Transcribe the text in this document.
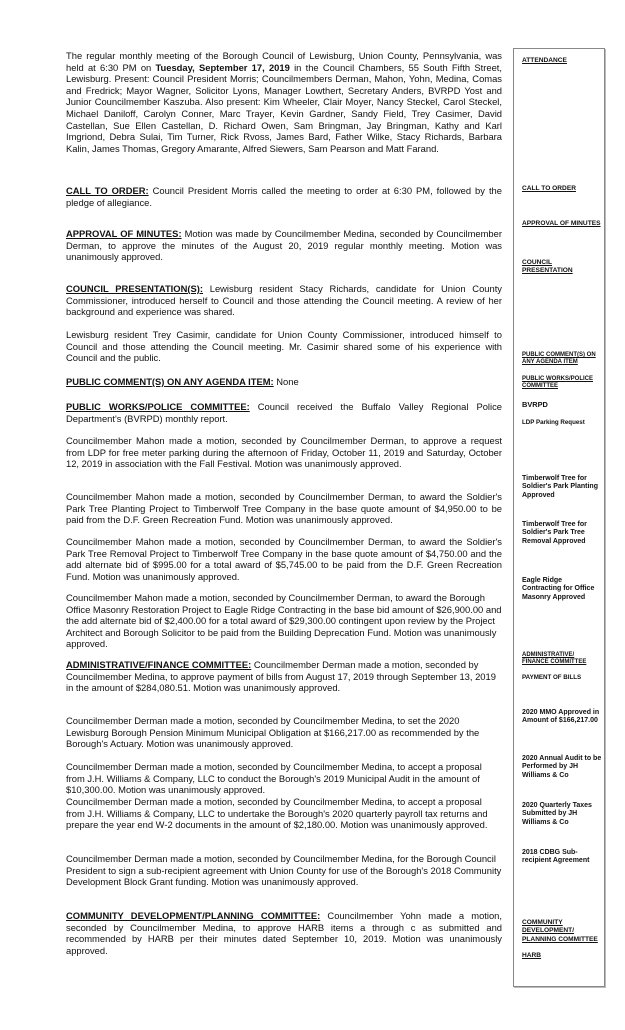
The regular monthly meeting of the Borough Council of Lewisburg, Union County, Pennsylvania, was held at 6:30 PM on Tuesday, September 17, 2019 in the Council Chambers, 55 South Fifth Street, Lewisburg. Present: Council President Morris; Councilmembers Derman, Mahon, Yohn, Medina, Comas and Fredrick; Mayor Wagner, Solicitor Lyons, Manager Lowthert, Secretary Anders, BVRPD Yost and Junior Councilmember Kaszuba. Also present: Kim Wheeler, Clair Moyer, Nancy Steckel, Carol Steckel, Michael Daniloff, Carolyn Conner, Marc Trayer, Kevin Gardner, Sandy Field, Trey Casimer, David Castellan, Sue Ellen Castellan, D. Richard Owen, Sam Bringman, Jay Bringman, Kathy and Karl Imgriond, Debra Sulai, Tim Turner, Rick Rvoss, James Bard, Father Wilke, Stacy Richards, Barbara Kalin, James Thomas, Gregory Amarante, Alfred Siewers, Sam Pearson and Matt Farand.

CALL TO ORDER: Council President Morris called the meeting to order at 6:30 PM, followed by the pledge of allegiance.

APPROVAL OF MINUTES: Motion was made by Councilmember Medina, seconded by Councilmember Derman, to approve the minutes of the August 20, 2019 regular monthly meeting. Motion was unanimously approved.

COUNCIL PRESENTATION(S): Lewisburg resident Stacy Richards, candidate for Union County Commissioner, introduced herself to Council and those attending the Council meeting. A review of her background and experience was shared.

Lewisburg resident Trey Casimir, candidate for Union County Commissioner, introduced himself to Council and those attending the Council meeting. Mr. Casimir shared some of his experience with Council and the public.

PUBLIC COMMENT(S) ON ANY AGENDA ITEM: None

PUBLIC WORKS/POLICE COMMITTEE: Council received the Buffalo Valley Regional Police Department's (BVRPD) monthly report.

Councilmember Mahon made a motion, seconded by Councilmember Derman, to approve a request from LDP for free meter parking during the afternoon of Friday, October 11, 2019 and Saturday, October 12, 2019 in association with the Fall Festival. Motion was unanimously approved.

Councilmember Mahon made a motion, seconded by Councilmember Derman, to award the Soldier's Park Tree Planting Project to Timberwolf Tree Company in the base quote amount of $4,950.00 to be paid from the D.F. Green Recreation Fund. Motion was unanimously approved.

Councilmember Mahon made a motion, seconded by Councilmember Derman, to award the Soldier's Park Tree Removal Project to Timberwolf Tree Company in the base quote amount of $4,750.00 and the add alternate bid of $995.00 for a total award of $5,745.00 to be paid from the D.F. Green Recreation Fund. Motion was unanimously approved.

Councilmember Mahon made a motion, seconded by Councilmember Derman, to award the Borough Office Masonry Restoration Project to Eagle Ridge Contracting in the base bid amount of $26,900.00 and the add alternate bid of $2,400.00 for a total award of $29,300.00 contingent upon review by the Project Architect and Borough Solicitor to be paid from the Building Deprecation Fund. Motion was unanimously approved.

ADMINISTRATIVE/FINANCE COMMITTEE: Councilmember Derman made a motion, seconded by Councilmember Medina, to approve payment of bills from August 17, 2019 through September 13, 2019 in the amount of $284,080.51. Motion was unanimously approved.

Councilmember Derman made a motion, seconded by Councilmember Medina, to set the 2020 Lewisburg Borough Pension Minimum Municipal Obligation at $166,217.00 as recommended by the Borough's Actuary. Motion was unanimously approved.

Councilmember Derman made a motion, seconded by Councilmember Medina, to accept a proposal from J.H. Williams & Company, LLC to conduct the Borough's 2019 Municipal Audit in the amount of $10,300.00. Motion was unanimously approved.

Councilmember Derman made a motion, seconded by Councilmember Medina, to accept a proposal from J.H. Williams & Company, LLC to undertake the Borough's 2020 quarterly payroll tax returns and prepare the year end W-2 documents in the amount of $2,180.00. Motion was unanimously approved.

Councilmember Derman made a motion, seconded by Councilmember Medina, for the Borough Council President to sign a sub-recipient agreement with Union County for use of the Borough's 2018 Community Development Block Grant funding. Motion was unanimously approved.

COMMUNITY DEVELOPMENT/PLANNING COMMITTEE: Councilmember Yohn made a motion, seconded by Councilmember Medina, to approve HARB items a through c as submitted and recommended by HARB per their minutes dated September 10, 2019. Motion was unanimously approved.

ATTENDANCE

CALL TO ORDER

APPROVAL OF MINUTES

COUNCIL PRESENTATION

PUBLIC COMMENT(S) ON ANY AGENDA ITEM

PUBLIC WORKS/POLICE COMMITTEE

BVRPD

LDP Parking Request

Timberwolf Tree for Soldier's Park Planting Approved

Timberwolf Tree for Soldier's Park Tree Removal Approved

Eagle Ridge Contracting for Office Masonry Approved

ADMINISTRATIVE/ FINANCE COMMITTEE

PAYMENT OF BILLS

2020 MMO Approved in Amount of $166,217.00

2020 Annual Audit to be Performed by JH Williams & Co

2020 Quarterly Taxes Submitted by JH Williams & Co

2018 CDBG Sub-recipient Agreement

COMMUNITY DEVELOPMENT/ PLANNING COMMITTEE

HARB
